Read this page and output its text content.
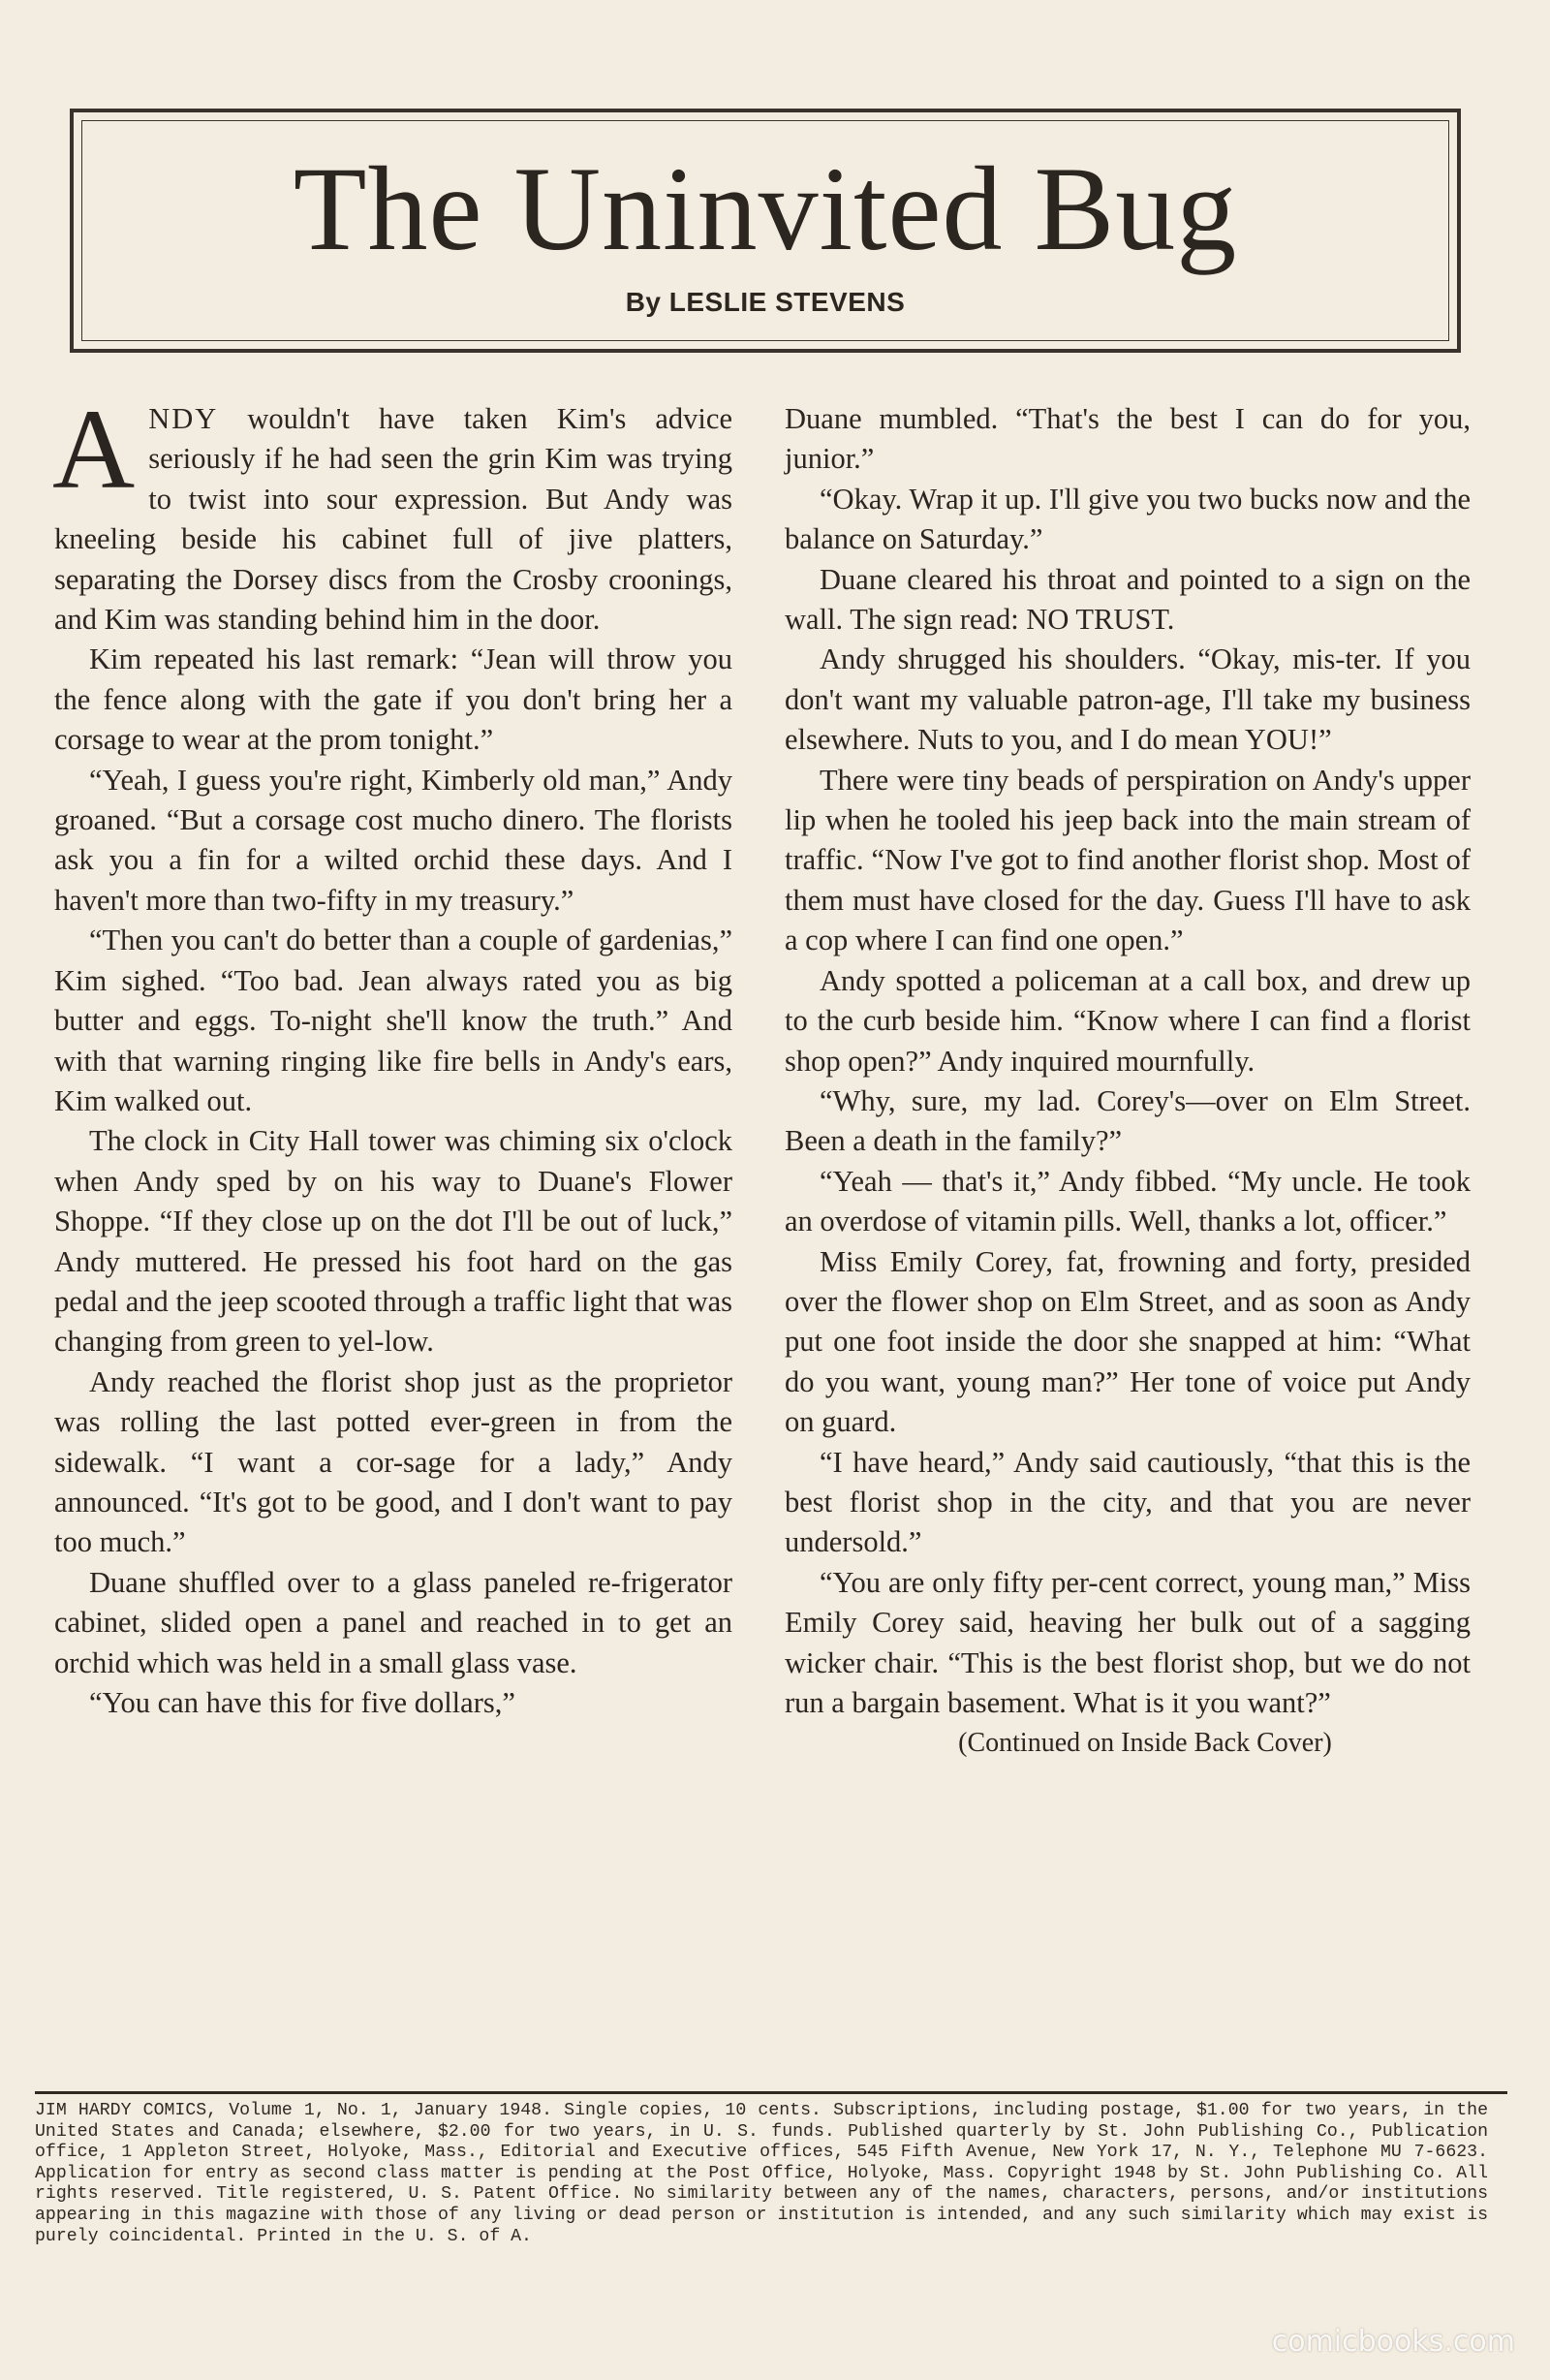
The Uninvited Bug
By LESLIE STEVENS

ANDY wouldn't have taken Kim's advice seriously if he had seen the grin Kim was trying to twist into sour expression. But Andy was kneeling beside his cabinet full of jive platters, separating the Dorsey discs from the Crosby croonings, and Kim was standing behind him in the door.

Kim repeated his last remark: “Jean will throw you the fence along with the gate if you don't bring her a corsage to wear at the prom tonight.”

“Yeah, I guess you're right, Kimberly old man,” Andy groaned. “But a corsage cost mucho dinero. The florists ask you a fin for a wilted orchid these days. And I haven't more than two-fifty in my treasury.”

“Then you can't do better than a couple of gardenias,” Kim sighed. “Too bad. Jean always rated you as big butter and eggs. To-night she'll know the truth.” And with that warning ringing like fire bells in Andy's ears, Kim walked out.

The clock in City Hall tower was chiming six o'clock when Andy sped by on his way to Duane's Flower Shoppe. “If they close up on the dot I'll be out of luck,” Andy muttered. He pressed his foot hard on the gas pedal and the jeep scooted through a traffic light that was changing from green to yel-low.

Andy reached the florist shop just as the proprietor was rolling the last potted ever-green in from the sidewalk. “I want a cor-sage for a lady,” Andy announced. “It's got to be good, and I don't want to pay too much.”

Duane shuffled over to a glass paneled re-frigerator cabinet, slided open a panel and reached in to get an orchid which was held in a small glass vase.

“You can have this for five dollars,”

Duane mumbled. “That's the best I can do for you, junior.”

“Okay. Wrap it up. I'll give you two bucks now and the balance on Saturday.”

Duane cleared his throat and pointed to a sign on the wall. The sign read: NO TRUST.

Andy shrugged his shoulders. “Okay, mis-ter. If you don't want my valuable patron-age, I'll take my business elsewhere. Nuts to you, and I do mean YOU!”

There were tiny beads of perspiration on Andy's upper lip when he tooled his jeep back into the main stream of traffic. “Now I've got to find another florist shop. Most of them must have closed for the day. Guess I'll have to ask a cop where I can find one open.”

Andy spotted a policeman at a call box, and drew up to the curb beside him. “Know where I can find a florist shop open?” Andy inquired mournfully.

“Why, sure, my lad. Corey's—over on Elm Street. Been a death in the family?”

“Yeah — that's it,” Andy fibbed. “My uncle. He took an overdose of vitamin pills. Well, thanks a lot, officer.”

Miss Emily Corey, fat, frowning and forty, presided over the flower shop on Elm Street, and as soon as Andy put one foot inside the door she snapped at him: “What do you want, young man?” Her tone of voice put Andy on guard.

“I have heard,” Andy said cautiously, “that this is the best florist shop in the city, and that you are never undersold.”

“You are only fifty per-cent correct, young man,” Miss Emily Corey said, heaving her bulk out of a sagging wicker chair. “This is the best florist shop, but we do not run a bargain basement. What is it you want?”

(Continued on Inside Back Cover)

JIM HARDY COMICS, Volume 1, No. 1, January 1948. Single copies, 10 cents. Subscriptions, including postage, $1.00 for two years, in the United States and Canada; elsewhere, $2.00 for two years, in U. S. funds. Published quarterly by St. John Publishing Co., Publication office, 1 Appleton Street, Holyoke, Mass., Editorial and Executive offices, 545 Fifth Avenue, New York 17, N. Y., Telephone MU 7-6623. Application for entry as second class matter is pending at the Post Office, Holyoke, Mass. Copyright 1948 by St. John Publishing Co. All rights reserved. Title registered, U. S. Patent Office. No similarity between any of the names, characters, persons, and/or institutions appearing in this magazine with those of any living or dead person or institution is intended, and any such similarity which may exist is purely coincidental. Printed in the U. S. of A.
comicbooks.com
